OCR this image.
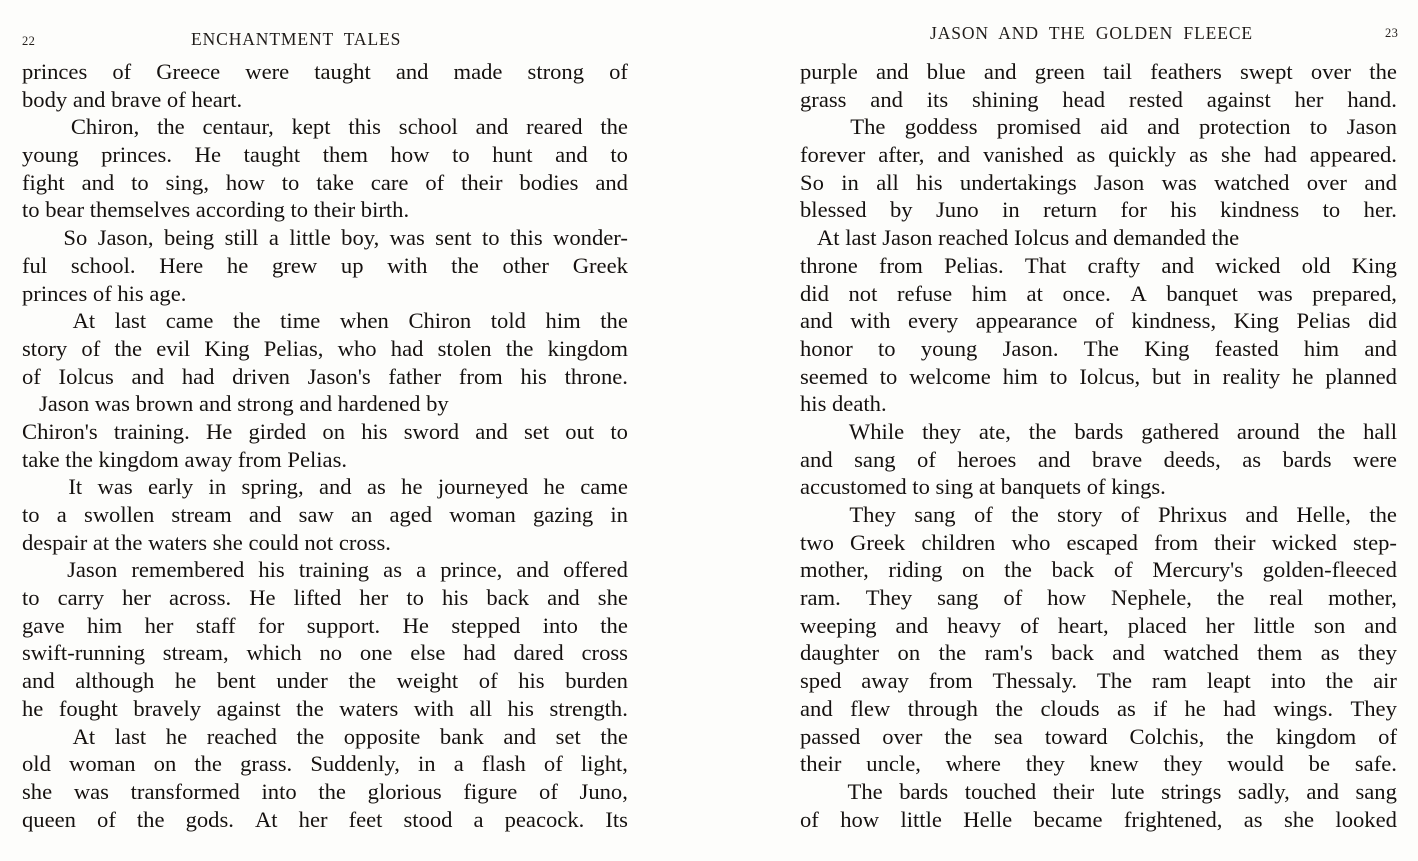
22	ENCHANTMENT TALES
princes of Greece were taught and made strong of
body and brave of heart.
Chiron, the centaur, kept this school and reared the
young princes. He taught them how to hunt and to
fight and to sing, how to take care of their bodies and
to bear themselves according to their birth.
So Jason, being still a little boy, was sent to this wonder-
ful school. Here he grew up with the other Greek
princes of his age.
At last came the time when Chiron told him the
story of the evil King Pelias, who had stolen the kingdom
of Iolcus and had driven Jason's father from his throne.
Jason was brown and strong and hardened by
Chiron's training. He girded on his sword and set out to
take the kingdom away from Pelias.
It was early in spring, and as he journeyed he came
to a swollen stream and saw an aged woman gazing in
despair at the waters she could not cross.
Jason remembered his training as a prince, and offered
to carry her across. He lifted her to his back and she
gave him her staff for support. He stepped into the
swift-running stream, which no one else had dared cross
and although he bent under the weight of his burden
he fought bravely against the waters with all his strength.
At last he reached the opposite bank and set the
old woman on the grass. Suddenly, in a flash of light,
she was transformed into the glorious figure of Juno,
queen of the gods. At her feet stood a peacock. Its
JASON AND THE GOLDEN FLEECE	23
purple and blue and green tail feathers swept over the
grass and its shining head rested against her hand.
The goddess promised aid and protection to Jason
forever after, and vanished as quickly as she had appeared.
So in all his undertakings Jason was watched over and
blessed by Juno in return for his kindness to her.
At last Jason reached Iolcus and demanded the
throne from Pelias. That crafty and wicked old King
did not refuse him at once. A banquet was prepared,
and with every appearance of kindness, King Pelias did
honor to young Jason. The King feasted him and
seemed to welcome him to Iolcus, but in reality he planned
his death.
While they ate, the bards gathered around the hall
and sang of heroes and brave deeds, as bards were
accustomed to sing at banquets of kings.
They sang of the story of Phrixus and Helle, the
two Greek children who escaped from their wicked step-
mother, riding on the back of Mercury's golden-fleeced
ram. They sang of how Nephele, the real mother,
weeping and heavy of heart, placed her little son and
daughter on the ram's back and watched them as they
sped away from Thessaly. The ram leapt into the air
and flew through the clouds as if he had wings. They
passed over the sea toward Colchis, the kingdom of
their uncle, where they knew they would be safe.
The bards touched their lute strings sadly, and sang
of how little Helle became frightened, as she looked
